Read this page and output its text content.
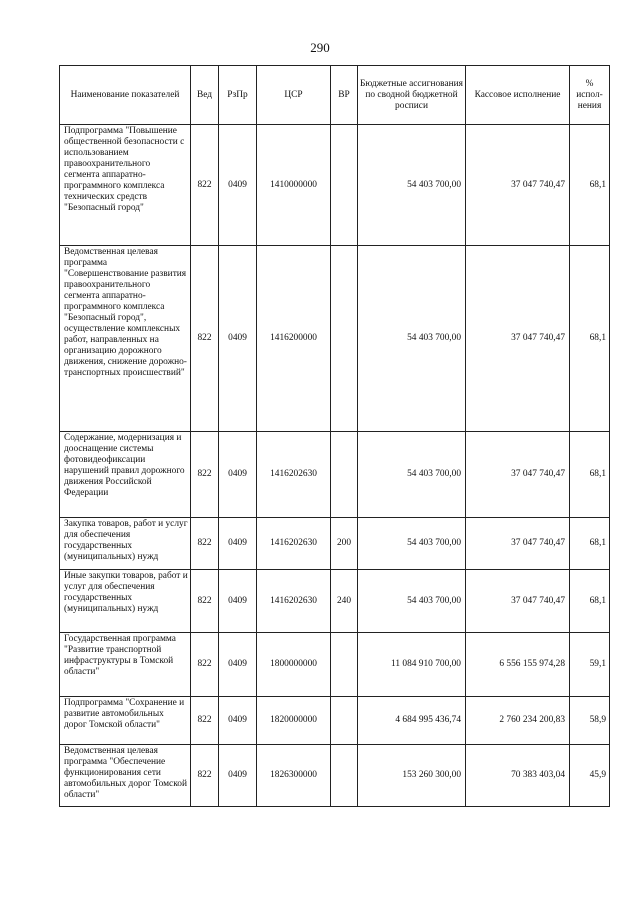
290
Наименование показателей	Вед	РзПр	ЦСР	ВР	Бюджетные ассигнования по сводной бюджетной росписи	Кассовое исполнение	% испол-нения
Подпрограмма "Повышение общественной безопасности с использованием правоохранительного сегмента аппаратно-программного комплекса технических средств "Безопасный город"	822	0409	1410000000		54 403 700,00	37 047 740,47	68,1
Ведомственная целевая программа "Совершенствование развития правоохранительного сегмента аппаратно-программного комплекса "Безопасный город", осуществление комплексных работ, направленных на организацию дорожного движения, снижение дорожно-транспортных происшествий"	822	0409	1416200000		54 403 700,00	37 047 740,47	68,1
Содержание, модернизация и дооснащение системы фотовидеофиксации нарушений правил дорожного движения Российской Федерации	822	0409	1416202630		54 403 700,00	37 047 740,47	68,1
Закупка товаров, работ и услуг для обеспечения государственных (муниципальных) нужд	822	0409	1416202630	200	54 403 700,00	37 047 740,47	68,1
Иные закупки товаров, работ и услуг для обеспечения государственных (муниципальных) нужд	822	0409	1416202630	240	54 403 700,00	37 047 740,47	68,1
Государственная программа "Развитие транспортной инфраструктуры в Томской области"	822	0409	1800000000		11 084 910 700,00	6 556 155 974,28	59,1
Подпрограмма "Сохранение и развитие автомобильных дорог Томской области"	822	0409	1820000000		4 684 995 436,74	2 760 234 200,83	58,9
Ведомственная целевая программа "Обеспечение функционирования сети автомобильных дорог Томской области"	822	0409	1826300000		153 260 300,00	70 383 403,04	45,9
